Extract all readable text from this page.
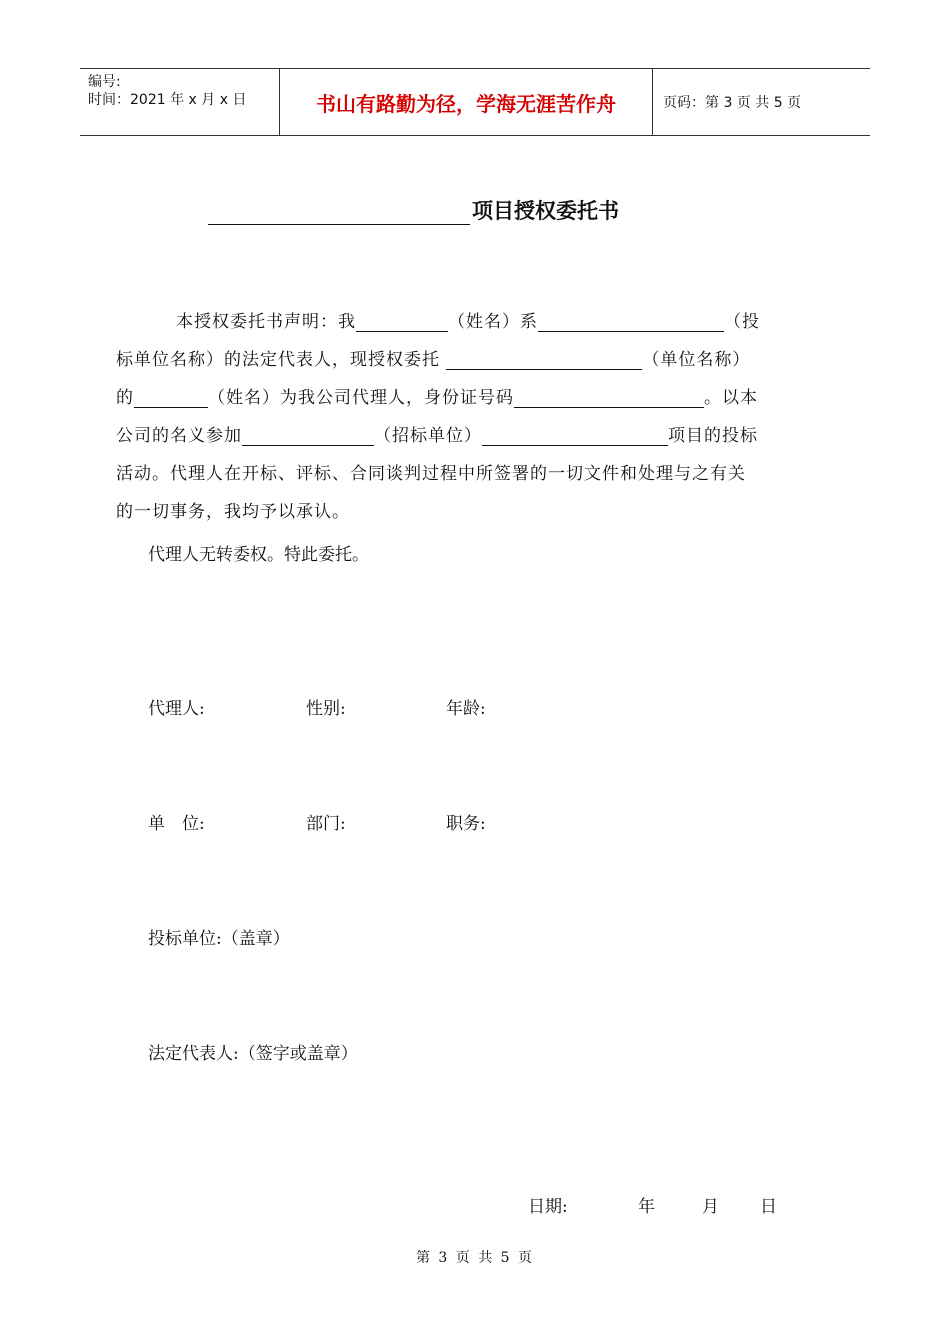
编号:
时间：2021 年 x 月 x 日	书山有路勤为径，学海无涯苦作舟	页码：第 3 页 共 5 页
项目授权委托书
本授权委托书声明：我	（姓名）系	（投
标单位名称）的法定代表人，现授权委托	（单位名称）
的	（姓名）为我公司代理人，身份证号码	。以本
公司的名义参加	（招标单位）	项目的投标
活动。代理人在开标、评标、合同谈判过程中所签署的一切文件和处理与之有关
的一切事务，我均予以承认。
代理人无转委权。特此委托。
代理人:	性别:	年龄:
单　位:	部门:	职务:
投标单位:（盖章）
法定代表人:（签字或盖章）
日期:	年	月 日
第 3 页 共 5 页
